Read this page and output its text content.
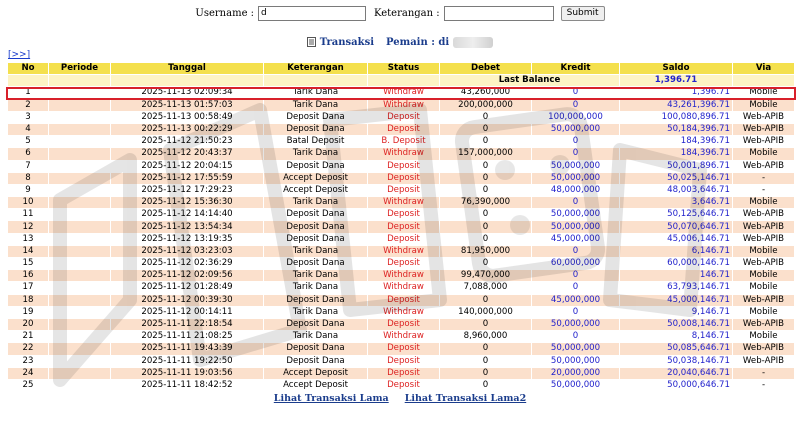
Username :
d	Keterangan :	Submit
Transaksi Pemain : di
[>>]
No	Periode	Tanggal	Keterangan	Status	Debet	Kredit	Saldo	Via
					Last Balance		1,396.71	
1		2025-11-13 02:09:34	Tarik Dana	Withdraw	43,260,000	0	1,396.71	Mobile
2		2025-11-13 01:57:03	Tarik Dana	Withdraw	200,000,000	0	43,261,396.71	Mobile
3		2025-11-13 00:58:49	Deposit Dana	Deposit	0	100,000,000	100,080,896.71	Web-APIB
4		2025-11-13 00:22:29	Deposit Dana	Deposit	0	50,000,000	50,184,396.71	Web-APIB
5		2025-11-12 21:50:23	Batal Deposit	B. Deposit	0	0	184,396.71	Web-APIB
6		2025-11-12 20:43:37	Tarik Dana	Withdraw	157,000,000	0	184,396.71	Mobile
7		2025-11-12 20:04:15	Deposit Dana	Deposit	0	50,000,000	50,001,896.71	Web-APIB
8		2025-11-12 17:55:59	Accept Deposit	Deposit	0	50,000,000	50,025,146.71	-
9		2025-11-12 17:29:23	Accept Deposit	Deposit	0	48,000,000	48,003,646.71	-
10		2025-11-12 15:36:30	Tarik Dana	Withdraw	76,390,000	0	3,646.71	Mobile
11		2025-11-12 14:14:40	Deposit Dana	Deposit	0	50,000,000	50,125,646.71	Web-APIB
12		2025-11-12 13:54:34	Deposit Dana	Deposit	0	50,000,000	50,070,646.71	Web-APIB
13		2025-11-12 13:19:35	Deposit Dana	Deposit	0	45,000,000	45,006,146.71	Web-APIB
14		2025-11-12 03:23:03	Tarik Dana	Withdraw	81,950,000	0	6,146.71	Mobile
15		2025-11-12 02:36:29	Deposit Dana	Deposit	0	60,000,000	60,000,146.71	Web-APIB
16		2025-11-12 02:09:56	Tarik Dana	Withdraw	99,470,000	0	146.71	Mobile
17		2025-11-12 01:28:49	Tarik Dana	Withdraw	7,088,000	0	63,793,146.71	Mobile
18		2025-11-12 00:39:30	Deposit Dana	Deposit	0	45,000,000	45,000,146.71	Web-APIB
19		2025-11-12 00:14:11	Tarik Dana	Withdraw	140,000,000	0	9,146.71	Mobile
20		2025-11-11 22:18:54	Deposit Dana	Deposit	0	50,000,000	50,008,146.71	Web-APIB
21		2025-11-11 21:08:25	Tarik Dana	Withdraw	8,960,000	0	8,146.71	Mobile
22		2025-11-11 19:43:39	Deposit Dana	Deposit	0	50,000,000	50,085,646.71	Web-APIB
23		2025-11-11 19:22:50	Deposit Dana	Deposit	0	50,000,000	50,038,146.71	Web-APIB
24		2025-11-11 19:03:56	Accept Deposit	Deposit	0	20,000,000	20,040,646.71	-
25		2025-11-11 18:42:52	Accept Deposit	Deposit	0	50,000,000	50,000,646.71	-
Lihat Transaksi Lama Lihat Transaksi Lama2
